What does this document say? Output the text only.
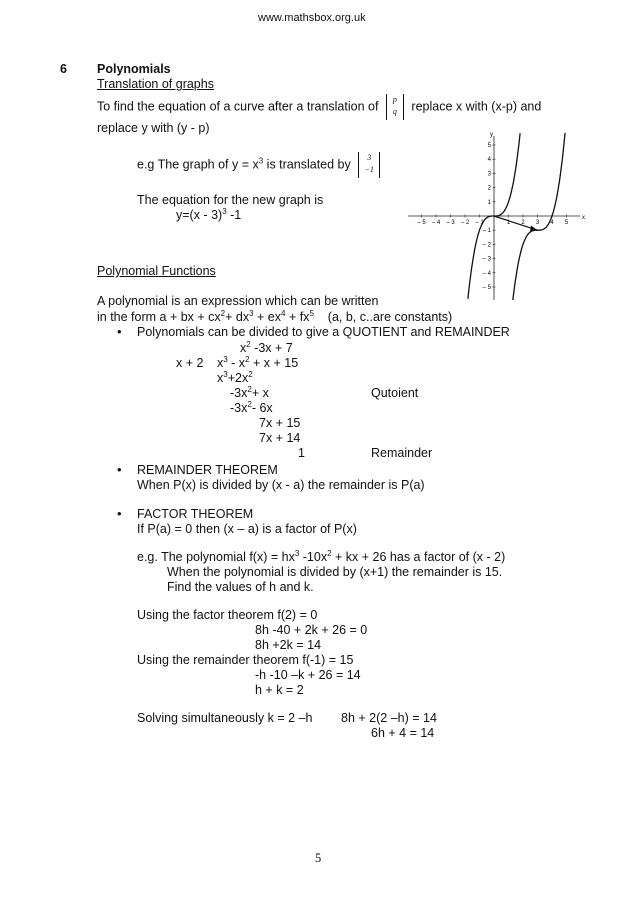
www.mathsbox.org.uk
6 Polynomials
Translation of graphs
To find the equation of a curve after a translation of	p
q	replace x with (x-p) and
replace y with (y - p)
e.g The graph of $y = x^3$ is translated by	3
−1
The equation for the new graph is
y=(x - 3)$^3$ -1	x
y
– 5 – 4 – 3 – 2 – 1	1 2 3 4 5
5
4
3
2
1
– 1
– 2
– 3
– 4
– 5
Polynomial Functions
A polynomial is an expression which can be written
in the form a + bx + $cx^2+ dx^3 + ex^4 + fx^5$ (a, b, c..are constants)
• Polynomials can be divided to give a QUOTIENT and REMAINDER
$x^2$ -3x + 7
x + 2 $x^3 - x^2 + x + 15$
$x^3+2x^2$
$-3x^2+ x$	Qutoient
$-3x^2-$ 6x
7x + 15
7x + 14
1	Remainder
• REMAINDER THEOREM
When P(x) is divided by (x - a) the remainder is P(a)
• FACTOR THEOREM
If P(a) = 0 then (x – a) is a factor of P(x)
e.g. The polynomial $f(x) = hx^3$ $-10x^2$ + kx + 26 has a factor of (x - 2)
When the polynomial is divided by (x+1) the remainder is 15.
Find the values of h and k.
Using the factor theorem f(2) = 0
8h -40 + 2k + 26 = 0
8h +2k = 14
Using the remainder theorem f(-1) = 15
-h -10 –k + 26 = 14
h + k = 2
Solving simultaneously k = 2 –h 8h + 2(2 –h) = 14
6h + 4 = 14
5
